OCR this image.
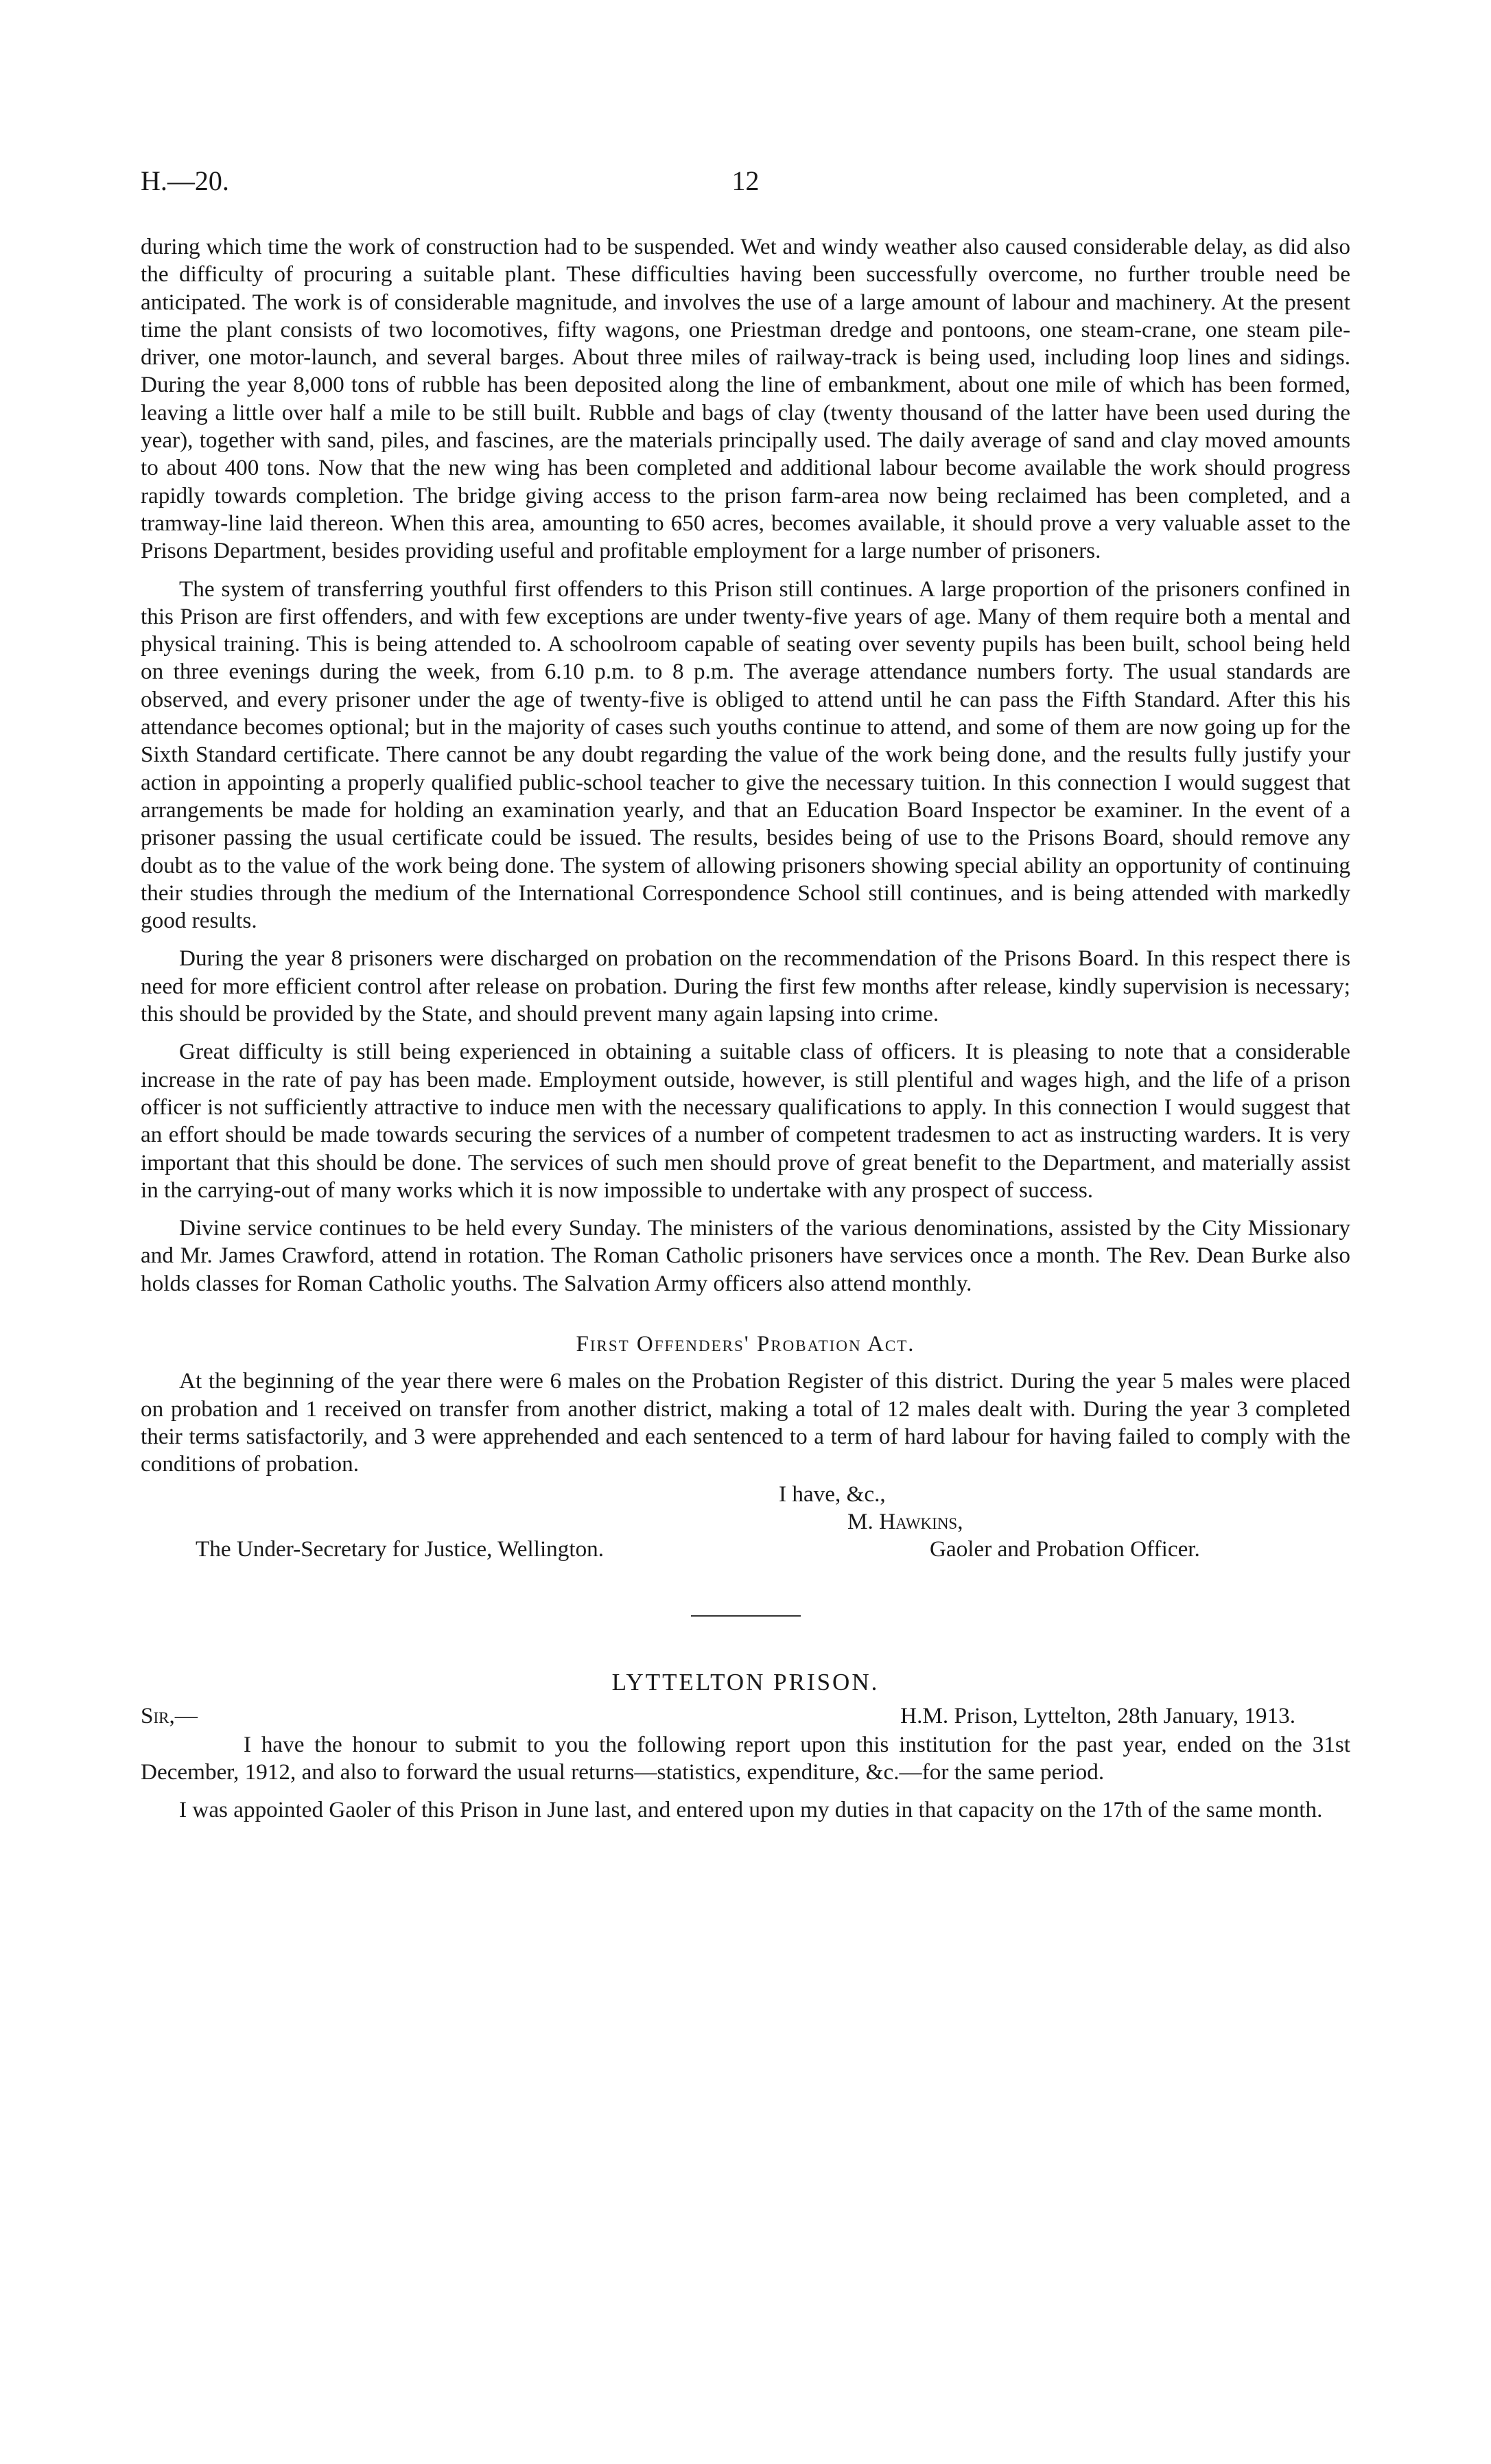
H.—20.	12

during which time the work of construction had to be suspended. Wet and windy weather also caused considerable delay, as did also the difficulty of procuring a suitable plant. These difficulties having been successfully overcome, no further trouble need be anticipated. The work is of considerable magnitude, and involves the use of a large amount of labour and machinery. At the present time the plant consists of two locomotives, fifty wagons, one Priestman dredge and pontoons, one steam-crane, one steam pile-driver, one motor-launch, and several barges. About three miles of railway-track is being used, including loop lines and sidings. During the year 8,000 tons of rubble has been deposited along the line of embankment, about one mile of which has been formed, leaving a little over half a mile to be still built. Rubble and bags of clay (twenty thousand of the latter have been used during the year), together with sand, piles, and fascines, are the materials principally used. The daily average of sand and clay moved amounts to about 400 tons. Now that the new wing has been completed and additional labour become available the work should progress rapidly towards completion. The bridge giving access to the prison farm-area now being reclaimed has been completed, and a tramway-line laid thereon. When this area, amounting to 650 acres, becomes available, it should prove a very valuable asset to the Prisons Department, besides providing useful and profitable employment for a large number of prisoners.

The system of transferring youthful first offenders to this Prison still continues. A large proportion of the prisoners confined in this Prison are first offenders, and with few exceptions are under twenty-five years of age. Many of them require both a mental and physical training. This is being attended to. A schoolroom capable of seating over seventy pupils has been built, school being held on three evenings during the week, from 6.10 p.m. to 8 p.m. The average attendance numbers forty. The usual standards are observed, and every prisoner under the age of twenty-five is obliged to attend until he can pass the Fifth Standard. After this his attendance becomes optional; but in the majority of cases such youths continue to attend, and some of them are now going up for the Sixth Standard certificate. There cannot be any doubt regarding the value of the work being done, and the results fully justify your action in appointing a properly qualified public-school teacher to give the necessary tuition. In this connection I would suggest that arrangements be made for holding an examination yearly, and that an Education Board Inspector be examiner. In the event of a prisoner passing the usual certificate could be issued. The results, besides being of use to the Prisons Board, should remove any doubt as to the value of the work being done. The system of allowing prisoners showing special ability an opportunity of continuing their studies through the medium of the International Correspondence School still continues, and is being attended with markedly good results.

During the year 8 prisoners were discharged on probation on the recommendation of the Prisons Board. In this respect there is need for more efficient control after release on probation. During the first few months after release, kindly supervision is necessary; this should be provided by the State, and should prevent many again lapsing into crime.

Great difficulty is still being experienced in obtaining a suitable class of officers. It is pleasing to note that a considerable increase in the rate of pay has been made. Employment outside, however, is still plentiful and wages high, and the life of a prison officer is not sufficiently attractive to induce men with the necessary qualifications to apply. In this connection I would suggest that an effort should be made towards securing the services of a number of competent tradesmen to act as instructing warders. It is very important that this should be done. The services of such men should prove of great benefit to the Department, and materially assist in the carrying-out of many works which it is now impossible to undertake with any prospect of success.

Divine service continues to be held every Sunday. The ministers of the various denominations, assisted by the City Missionary and Mr. James Crawford, attend in rotation. The Roman Catholic prisoners have services once a month. The Rev. Dean Burke also holds classes for Roman Catholic youths. The Salvation Army officers also attend monthly.

First Offenders' Probation Act.

At the beginning of the year there were 6 males on the Probation Register of this district. During the year 5 males were placed on probation and 1 received on transfer from another district, making a total of 12 males dealt with. During the year 3 completed their terms satisfactorily, and 3 were apprehended and each sentenced to a term of hard labour for having failed to comply with the conditions of probation.

I have, &c.,
M. Hawkins,
The Under-Secretary for Justice, Wellington.	Gaoler and Probation Officer.
LYTTELTON PRISON.
Sir,—	H.M. Prison, Lyttelton, 28th January, 1913.

I have the honour to submit to you the following report upon this institution for the past year, ended on the 31st December, 1912, and also to forward the usual returns—statistics, expenditure, &c.—for the same period.

I was appointed Gaoler of this Prison in June last, and entered upon my duties in that capacity on the 17th of the same month.
